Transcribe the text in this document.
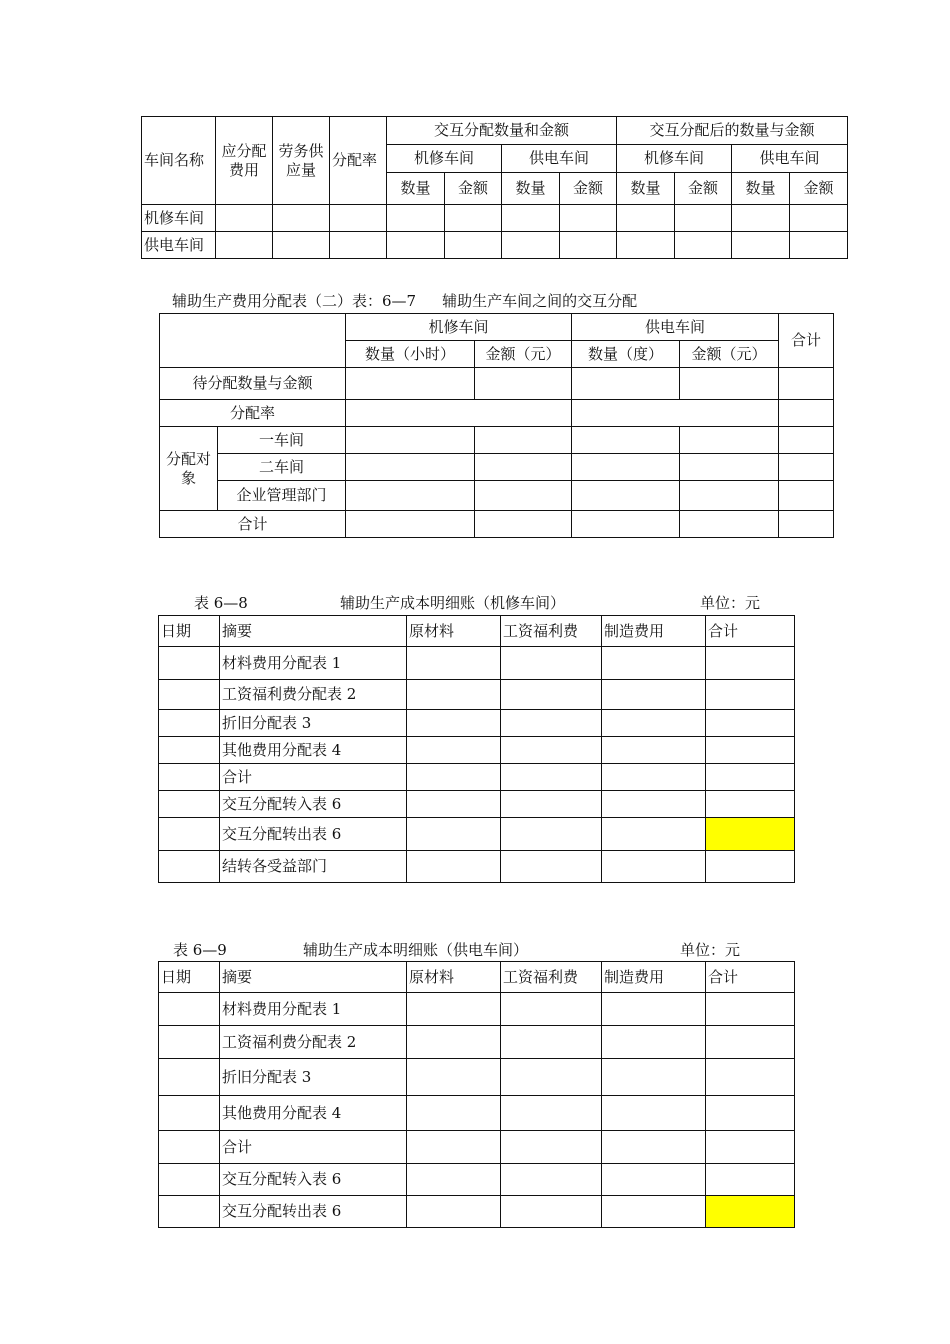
车间名称	应分配费用	劳务供应量	分配率	交互分配数量和金额				交互分配后的数量与金额			
				机修车间		供电车间		机修车间		供电车间	
				数量	金额	数量	金额	数量	金额	数量	金额
机修车间											
供电车间											
辅助生产费用分配表（二）表：6—7 辅助生产车间之间的交互分配
		机修车间		供电车间		合计
		数量（小时）	金额（元）	数量（度）	金额（元）	
待分配数量与金额						
分配率						
分配对象	一车间					
	二车间					
	企业管理部门					
合计						
表 6—8	辅助生产成本明细账（机修车间）	单位：元
日期	摘要	原材料	工资福利费	制造费用	合计
	材料费用分配表 1				
	工资福利费分配表 2				
	折旧分配表 3				
	其他费用分配表 4				
	合计				
	交互分配转入表 6				
	交互分配转出表 6				
	结转各受益部门				
表 6—9	辅助生产成本明细账（供电车间）	单位：元
日期	摘要	原材料	工资福利费	制造费用	合计
	材料费用分配表 1				
	工资福利费分配表 2				
	折旧分配表 3				
	其他费用分配表 4				
	合计				
	交互分配转入表 6				
	交互分配转出表 6				
